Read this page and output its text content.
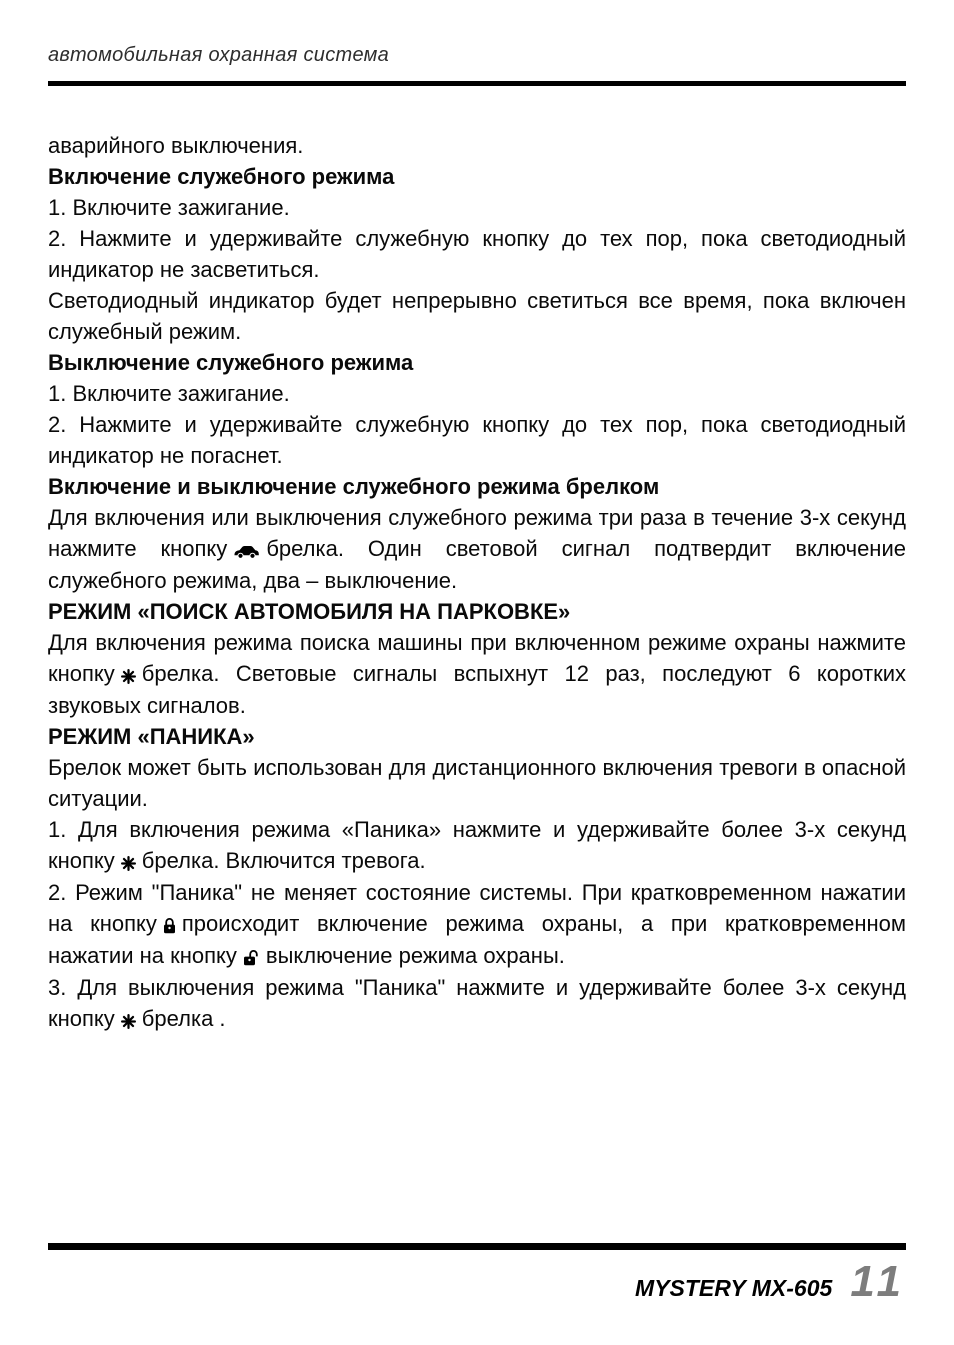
автомобильная охранная система

аварийного выключения.

Включение служебного режима

1. Включите зажигание.

2. Нажмите и удерживайте служебную кнопку до тех пор, пока светодиодный индикатор не засветиться.

Светодиодный индикатор будет непрерывно светиться все время, пока включен служебный режим.

Выключение служебного режима

1. Включите зажигание.

2. Нажмите и удерживайте служебную кнопку до тех пор, пока светодиодный индикатор не погаснет.

Включение и выключение служебного режима брелком

Для включения или выключения служебного режима три раза в течение 3-х секунд нажмите кнопку брелка. Один световой сигнал подтвердит включение служебного режима, два – выключение.

РЕЖИМ «ПОИСК АВТОМОБИЛЯ НА ПАРКОВКЕ»

Для включения режима поиска машины при включенном режиме охраны нажмите кнопку брелка. Световые сигналы вспыхнут 12 раз, последуют 6 коротких звуковых сигналов.

РЕЖИМ «ПАНИКА»

Брелок может быть использован для дистанционного включения тревоги в опасной ситуации.

1. Для включения режима «Паника» нажмите и удерживайте более 3-х секунд кнопку брелка. Включится тревога.

2. Режим "Паника" не меняет состояние системы. При кратковременном нажатии на кнопку происходит включение режима охраны, а при кратковременном нажатии на кнопку выключение режима охраны.

3. Для выключения режима "Паника" нажмите и удерживайте более 3-х секунд кнопку брелка .

MYSTERY MX-605 11
